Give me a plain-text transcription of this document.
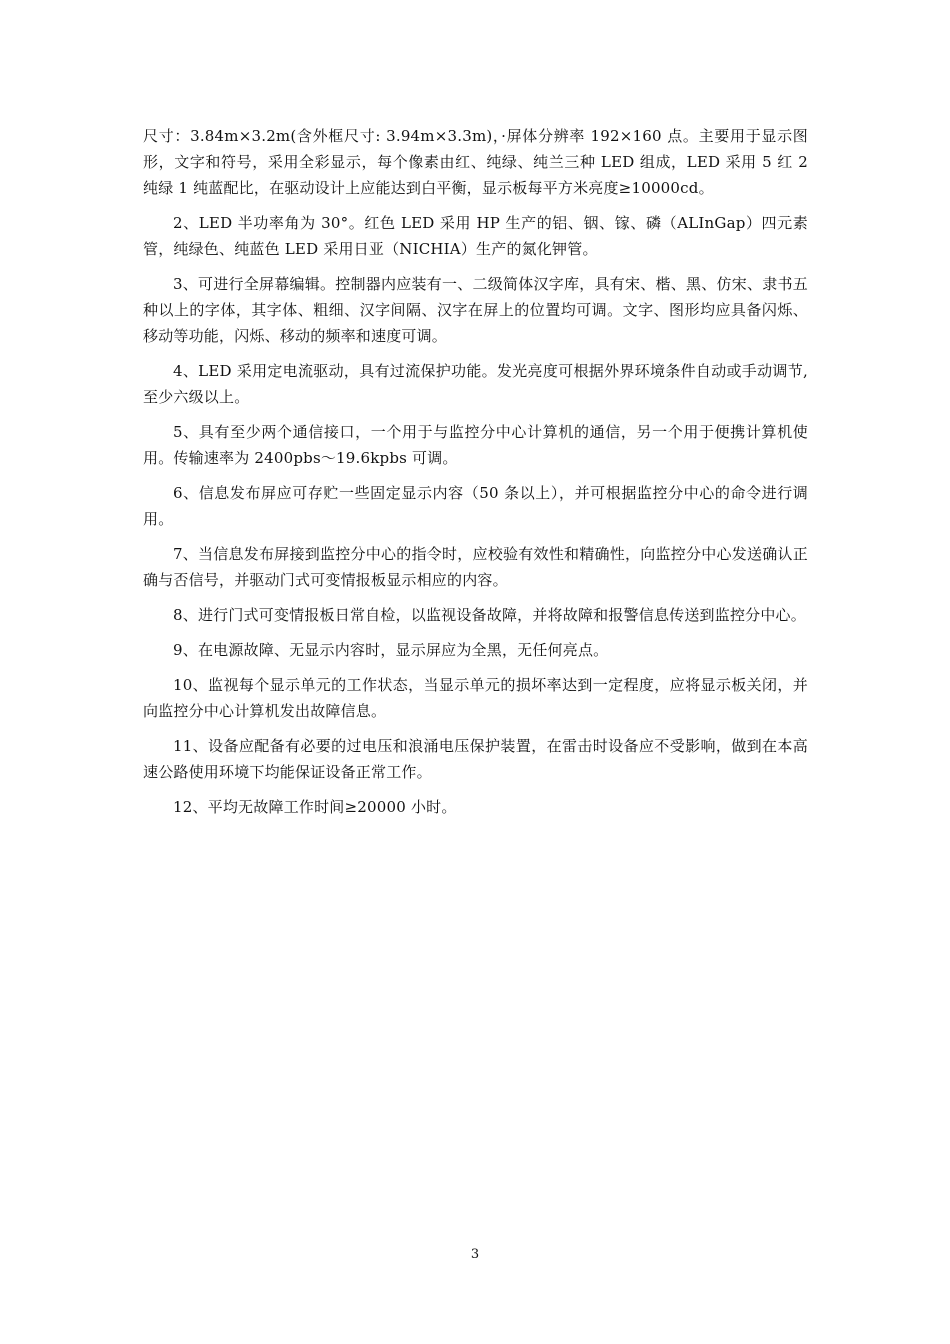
尺寸：3.84m×3.2m(含外框尺寸: 3.94m×3.3m)，·屏体分辨率 192×160 点。主要用于显示图形，文字和符号，采用全彩显示，每个像素由红、纯绿、纯兰三种 LED 组成，LED 采用 5 红 2 纯绿 1 纯蓝配比，在驱动设计上应能达到白平衡，显示板每平方米亮度≥10000cd。

2、LED 半功率角为 30°。红色 LED 采用 HP 生产的铝、铟、镓、磷（ALInGap）四元素管，纯绿色、纯蓝色 LED 采用日亚（NICHIA）生产的氮化钾管。

3、可进行全屏幕编辑。控制器内应装有一、二级简体汉字库，具有宋、楷、黑、仿宋、隶书五种以上的字体，其字体、粗细、汉字间隔、汉字在屏上的位置均可调。文字、图形均应具备闪烁、移动等功能，闪烁、移动的频率和速度可调。

4、LED 采用定电流驱动，具有过流保护功能。发光亮度可根据外界环境条件自动或手动调节,至少六级以上。

5、具有至少两个通信接口，一个用于与监控分中心计算机的通信，另一个用于便携计算机使用。传输速率为 2400pbs～19.6kpbs 可调。

6、信息发布屏应可存贮一些固定显示内容（50 条以上），并可根据监控分中心的命令进行调用。

7、当信息发布屏接到监控分中心的指令时，应校验有效性和精确性，向监控分中心发送确认正确与否信号，并驱动门式可变情报板显示相应的内容。

8、进行门式可变情报板日常自检，以监视设备故障，并将故障和报警信息传送到监控分中心。

9、在电源故障、无显示内容时，显示屏应为全黑，无任何亮点。

10、监视每个显示单元的工作状态，当显示单元的损坏率达到一定程度，应将显示板关闭，并向监控分中心计算机发出故障信息。

11、设备应配备有必要的过电压和浪涌电压保护装置，在雷击时设备应不受影响，做到在本高速公路使用环境下均能保证设备正常工作。

12、平均无故障工作时间≥20000 小时。

3
